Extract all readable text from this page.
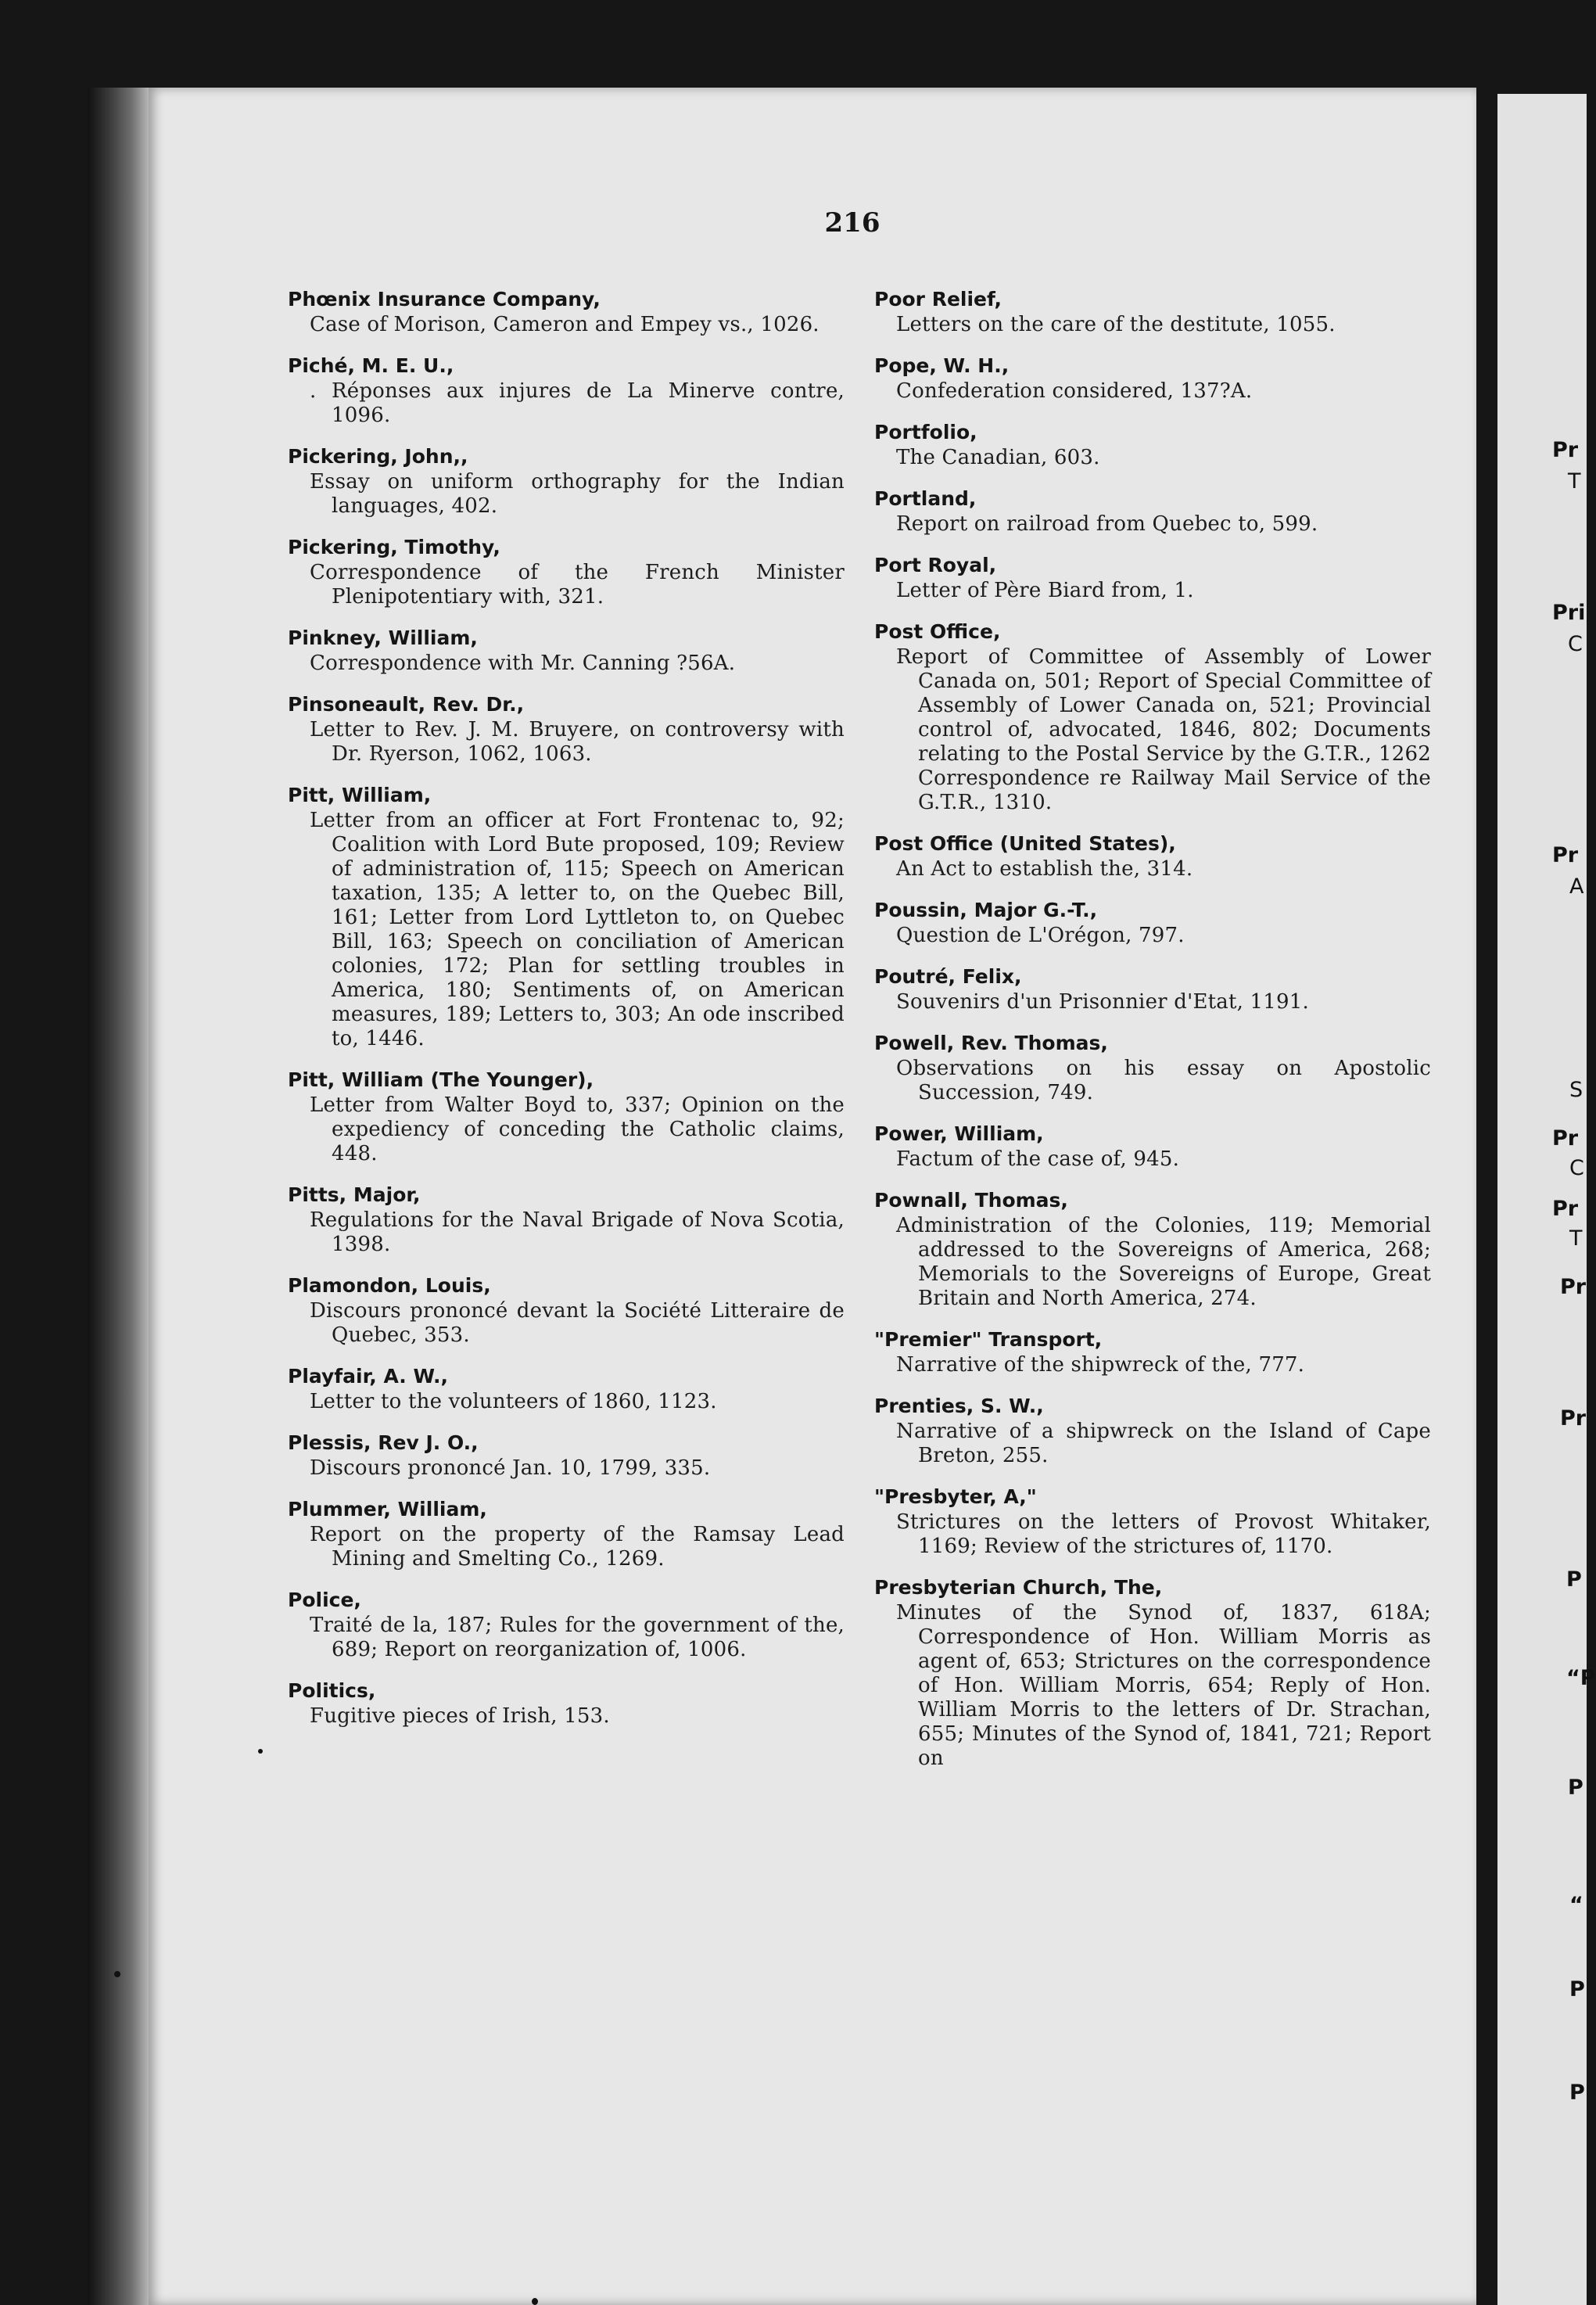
Pr
T
Pri
C
Pr
A
S
Pr
C
Pr
T
Pr
Pr
P
“P
P
“
P
P
216
Phœnix Insurance Company,
Case of Morison, Cameron and Empey vs., 1026.
Piché, M. E. U.,
. Réponses aux injures de La Minerve contre, 1096.
Pickering, John,,
Essay on uniform orthography for the Indian languages, 402.
Pickering, Timothy,
Correspondence of the French Minister Plenipotentiary with, 321.
Pinkney, William,
Correspondence with Mr. Canning ?56A.
Pinsoneault, Rev. Dr.,
Letter to Rev. J. M. Bruyere, on controversy with Dr. Ryerson, 1062, 1063.
Pitt, William,
Letter from an officer at Fort Frontenac to, 92; Coalition with Lord Bute proposed, 109; Review of administration of, 115; Speech on American taxation, 135; A letter to, on the Quebec Bill, 161; Letter from Lord Lyttleton to, on Quebec Bill, 163; Speech on conciliation of American colonies, 172; Plan for settling troubles in America, 180; Sentiments of, on American measures, 189; Letters to, 303; An ode inscribed to, 1446.
Pitt, William (The Younger),
Letter from Walter Boyd to, 337; Opinion on the expediency of conceding the Catholic claims, 448.
Pitts, Major,
Regulations for the Naval Brigade of Nova Scotia, 1398.
Plamondon, Louis,
Discours prononcé devant la Société Litteraire de Quebec, 353.
Playfair, A. W.,
Letter to the volunteers of 1860, 1123.
Plessis, Rev J. O.,
Discours prononcé Jan. 10, 1799, 335.
Plummer, William,
Report on the property of the Ramsay Lead Mining and Smelting Co., 1269.
Police,
Traité de la, 187; Rules for the government of the, 689; Report on reorganization of, 1006.
Politics,
Fugitive pieces of Irish, 153.
Poor Relief,
Letters on the care of the destitute, 1055.
Pope, W. H.,
Confederation considered, 137?A.
Portfolio,
The Canadian, 603.
Portland,
Report on railroad from Quebec to, 599.
Port Royal,
Letter of Père Biard from, 1.
Post Office,
Report of Committee of Assembly of Lower Canada on, 501; Report of Special Committee of Assembly of Lower Canada on, 521; Provincial control of, advocated, 1846, 802; Documents relating to the Postal Service by the G.T.R., 1262 Correspondence re Railway Mail Service of the G.T.R., 1310.
Post Office (United States),
An Act to establish the, 314.
Poussin, Major G.-T.,
Question de L'Orégon, 797.
Poutré, Felix,
Souvenirs d'un Prisonnier d'Etat, 1191.
Powell, Rev. Thomas,
Observations on his essay on Apostolic Succession, 749.
Power, William,
Factum of the case of, 945.
Pownall, Thomas,
Administration of the Colonies, 119; Memorial addressed to the Sovereigns of America, 268; Memorials to the Sovereigns of Europe, Great Britain and North America, 274.
"Premier" Transport,
Narrative of the shipwreck of the, 777.
Prenties, S. W.,
Narrative of a shipwreck on the Island of Cape Breton, 255.
"Presbyter, A,"
Strictures on the letters of Provost Whitaker, 1169; Review of the strictures of, 1170.
Presbyterian Church, The,
Minutes of the Synod of, 1837, 618A; Correspondence of Hon. William Morris as agent of, 653; Strictures on the correspondence of Hon. William Morris, 654; Reply of Hon. William Morris to the letters of Dr. Strachan, 655; Minutes of the Synod of, 1841, 721; Report on
